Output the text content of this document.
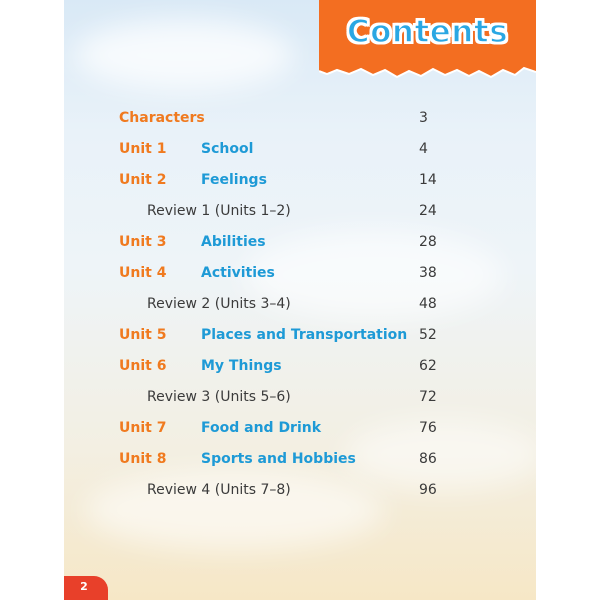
Contents
Characters	3
Unit 1 School	4
Unit 2 Feelings	14
Review 1 (Units 1–2)	24
Unit 3 Abilities	28
Unit 4 Activities	38
Review 2 (Units 3–4)	48
Unit 5 Places and Transportation 52
Unit 6 My Things	62
Review 3 (Units 5–6)	72
Unit 7 Food and Drink	76
Unit 8 Sports and Hobbies	86
Review 4 (Units 7–8)	96
2
